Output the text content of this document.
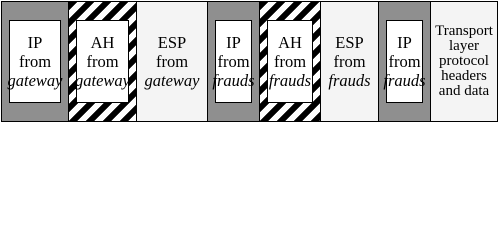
IP
from
gateway
AH
from
gateway
ESP
from
gateway
IP
from
frauds
AH
from
frauds
ESP
from
frauds
IP
from
frauds
Transport
layer
protocol
headers
and data
